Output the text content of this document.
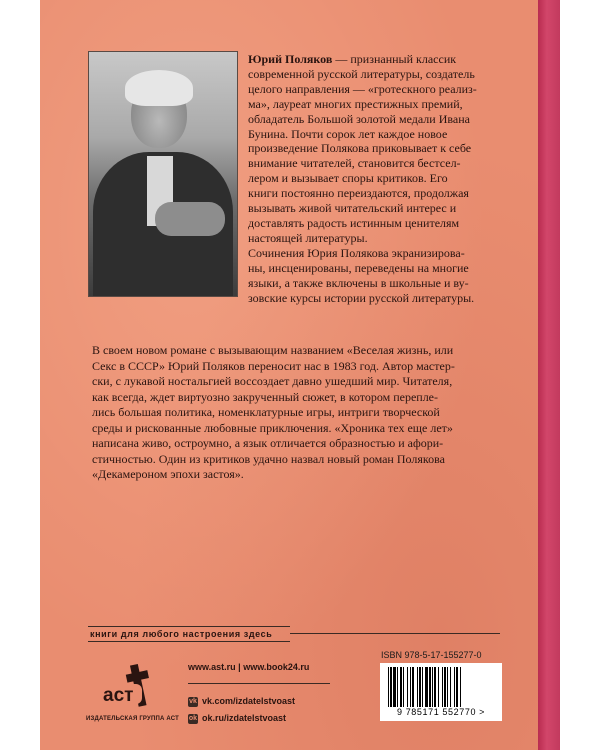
Юрий Поляков — признанный классик

современной русской литературы, создатель

целого направления — «гротескного реализ-

ма», лауреат многих престижных премий,

обладатель Большой золотой медали Ивана

Бунина. Почти сорок лет каждое новое

произведение Полякова приковывает к себе

внимание читателей, становится бестсел-

лером и вызывает споры критиков. Его

книги постоянно переиздаются, продолжая

вызывать живой читательский интерес и

доставлять радость истинным ценителям

настоящей литературы.

Сочинения Юрия Полякова экранизирова-

ны, инсценированы, переведены на многие

языки, а также включены в школьные и ву-

зовские курсы истории русской литературы.

В своем новом романе с вызывающим названием «Веселая жизнь, или
Секс в СССР» Юрий Поляков переносит нас в 1983 год. Автор мастер-
ски, с лукавой ностальгией воссоздает давно ушедший мир. Читателя,
как всегда, ждет виртуозно закрученный сюжет, в котором перепле-
лись большая политика, номенклатурные игры, интриги творческой
среды и рискованные любовные приключения. «Хроника тех еще лет»
написана живо, остроумно, а язык отличается образностью и афори-
стичностью. Один из критиков удачно назвал новый роман Полякова
«Декамероном эпохи застоя».
книги для любого настроения здесь
аст
ИЗДАТЕЛЬСКАЯ ГРУППА АСТ
www.ast.ru | www.book24.ru
vk vk.com/izdatelstvoast
ok ok.ru/izdatelstvoast
ISBN 978-5-17-155277-0
9 785171 552770 >
